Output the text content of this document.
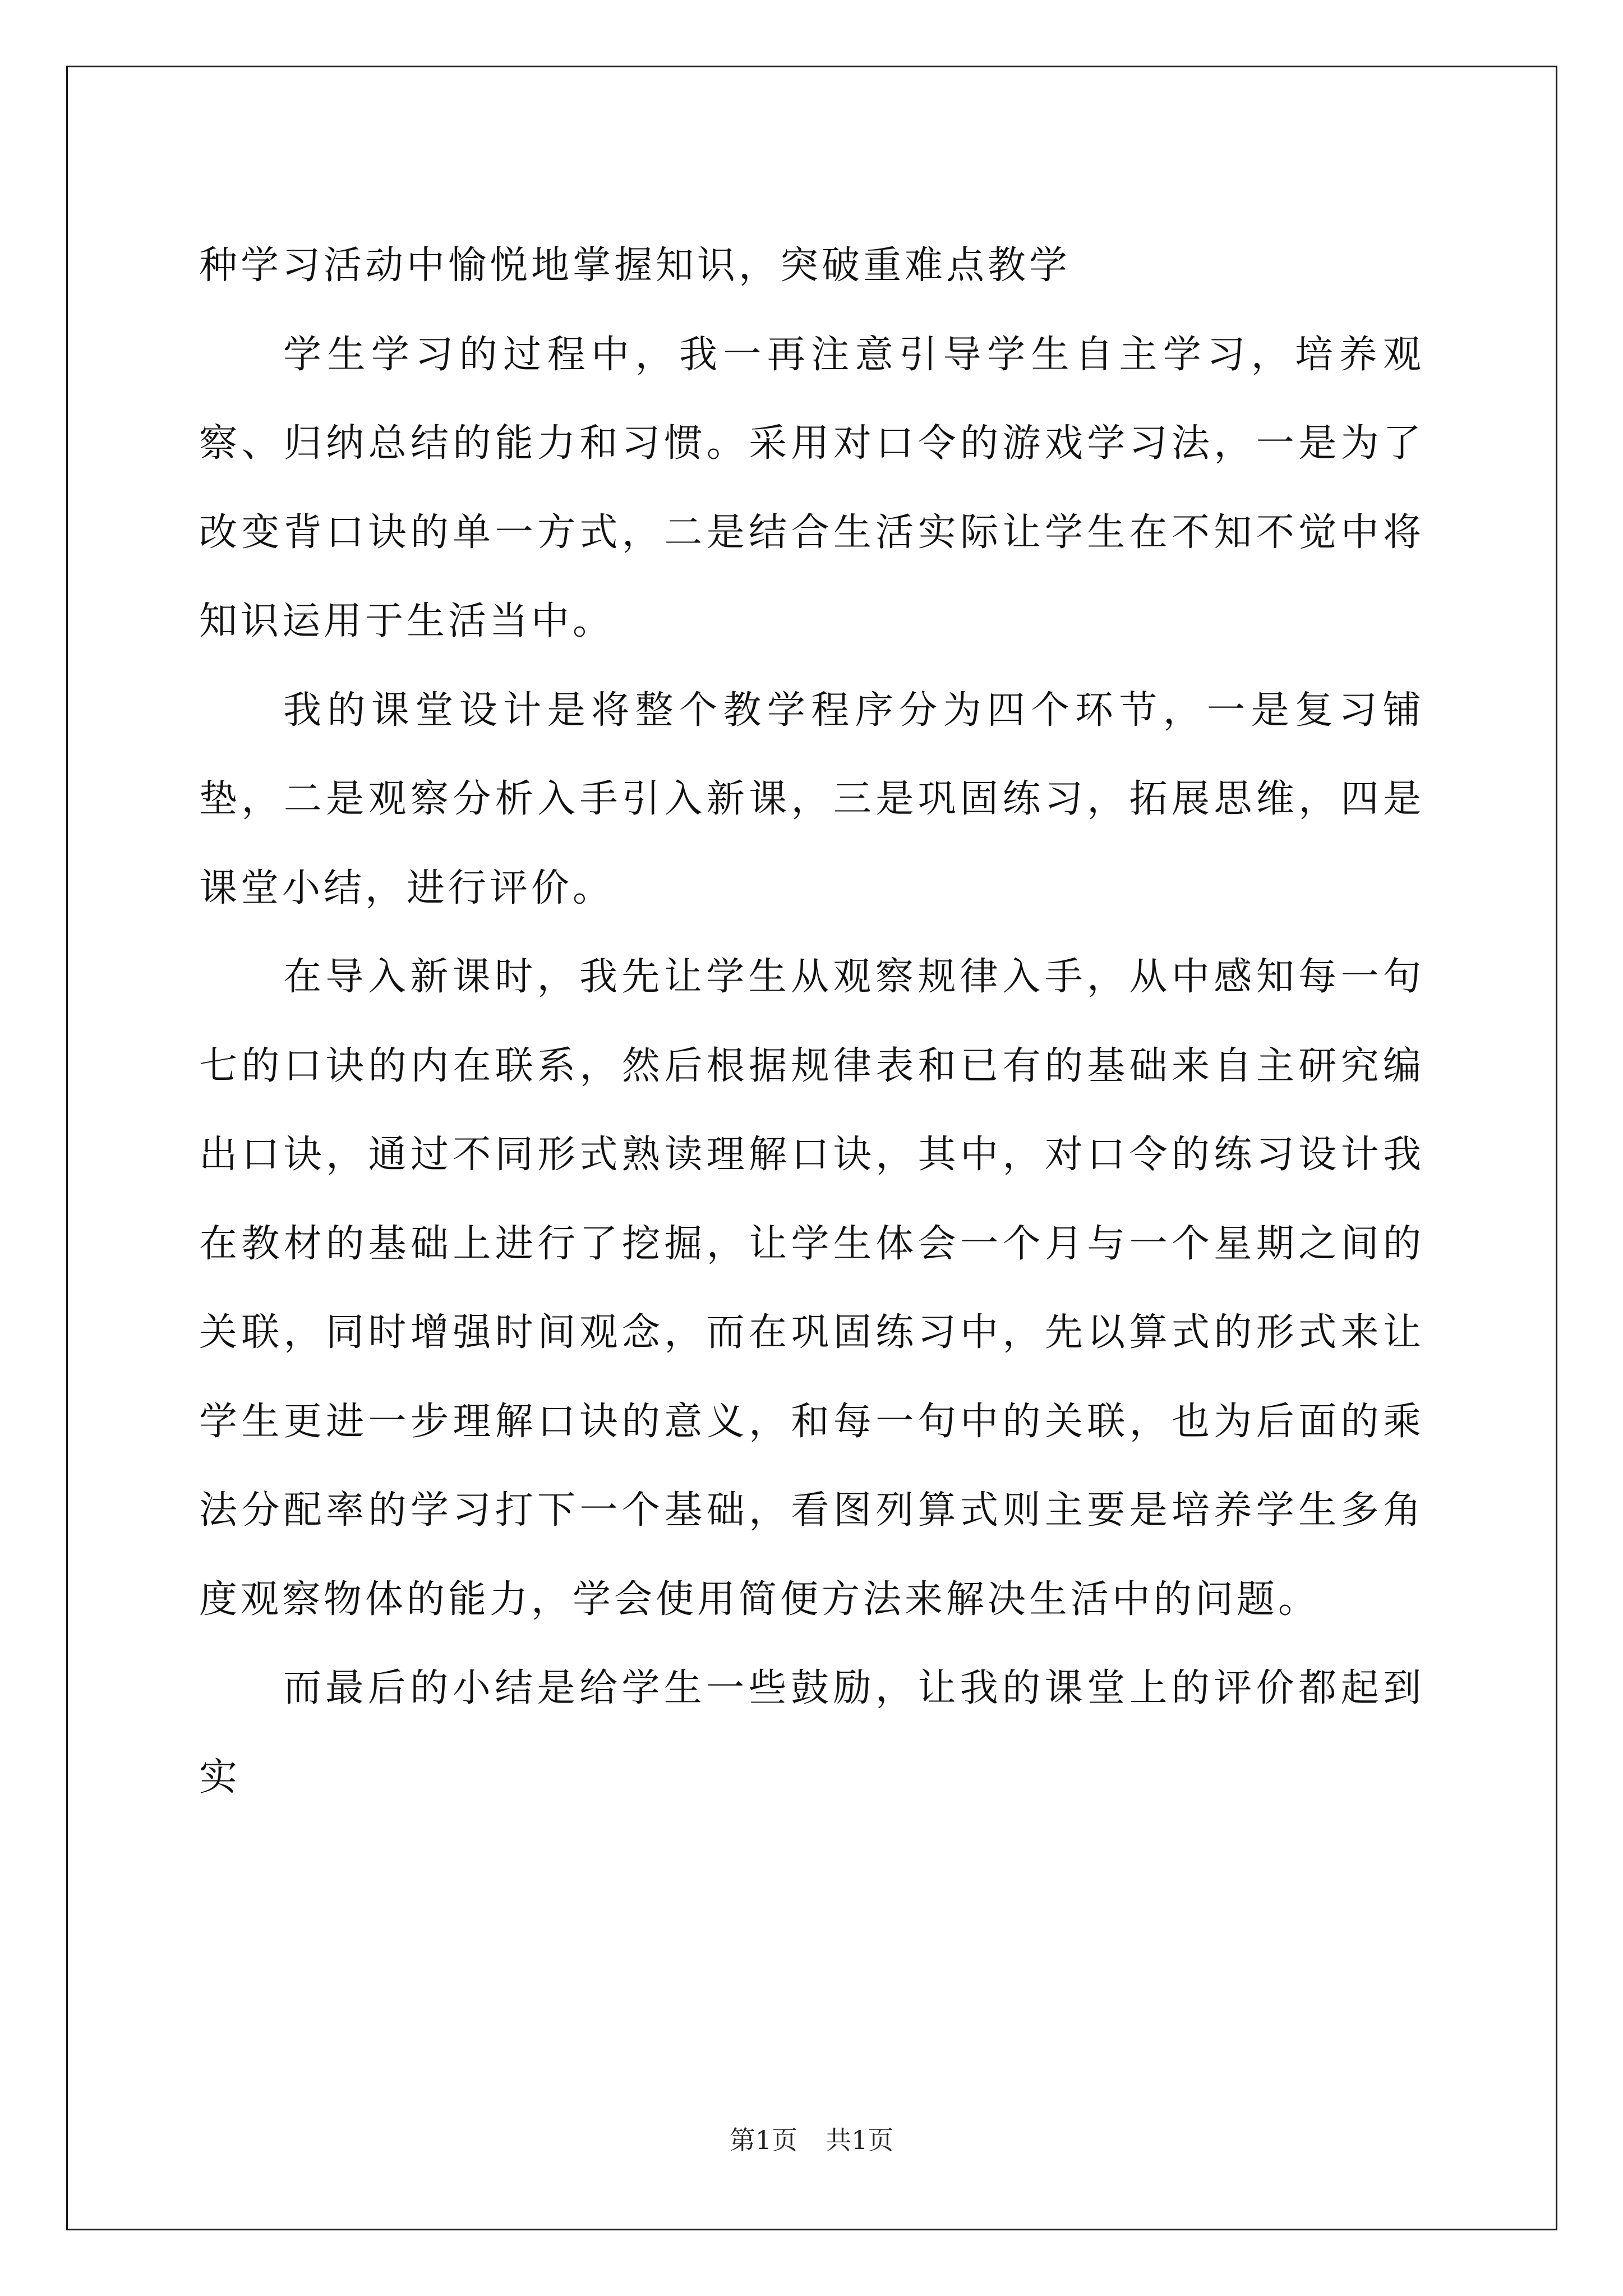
种学习活动中愉悦地掌握知识，突破重难点教学

学生学习的过程中，我一再注意引导学生自主学习，培养观察、归纳总结的能力和习惯。采用对口令的游戏学习法，一是为了改变背口诀的单一方式，二是结合生活实际让学生在不知不觉中将知识运用于生活当中。

我的课堂设计是将整个教学程序分为四个环节，一是复习铺垫，二是观察分析入手引入新课，三是巩固练习，拓展思维，四是课堂小结，进行评价。

在导入新课时，我先让学生从观察规律入手，从中感知每一句七的口诀的内在联系，然后根据规律表和已有的基础来自主研究编出口诀，通过不同形式熟读理解口诀，其中，对口令的练习设计我在教材的基础上进行了挖掘，让学生体会一个月与一个星期之间的关联，同时增强时间观念，而在巩固练习中，先以算式的形式来让学生更进一步理解口诀的意义，和每一句中的关联，也为后面的乘法分配率的学习打下一个基础，看图列算式则主要是培养学生多角度观察物体的能力，学会使用简便方法来解决生活中的问题。

而最后的小结是给学生一些鼓励，让我的课堂上的评价都起到实

第1页 共1页
